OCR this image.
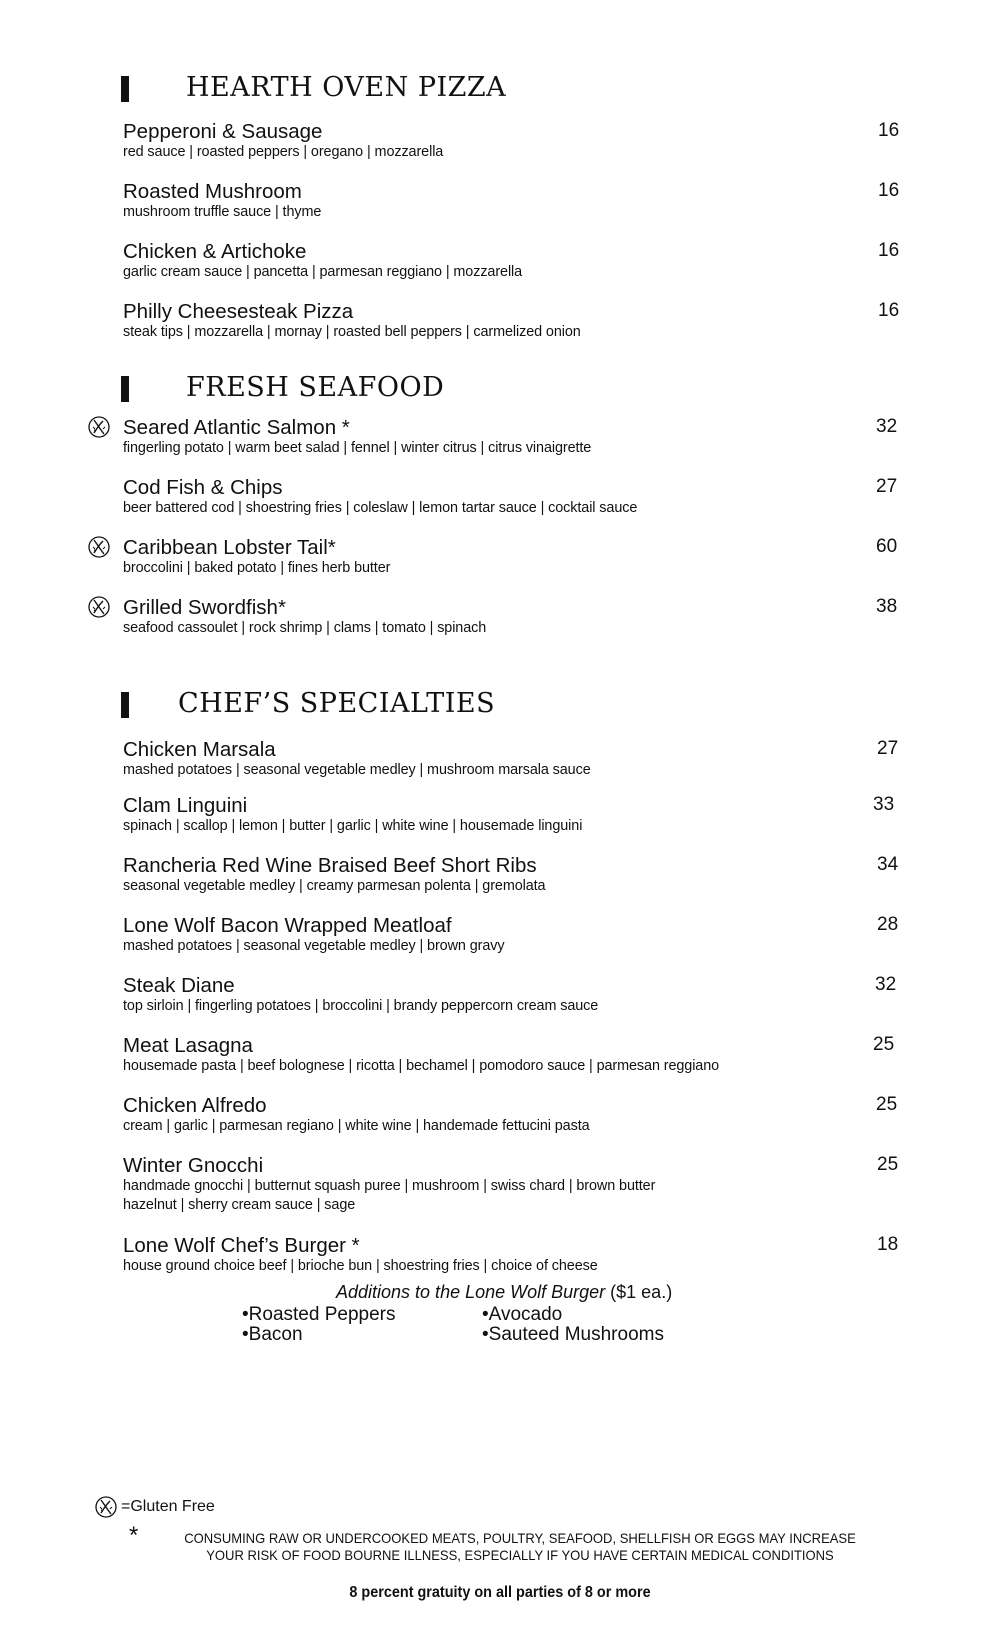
HEARTH OVEN PIZZA
Pepperoni & Sausage
red sauce | roasted peppers | oregano | mozzarella
16
Roasted Mushroom
mushroom truffle sauce | thyme
16
Chicken & Artichoke
garlic cream sauce | pancetta | parmesan reggiano | mozzarella
16
Philly Cheesesteak Pizza
steak tips | mozzarella | mornay | roasted bell peppers | carmelized onion
16
FRESH SEAFOOD
Seared Atlantic Salmon *
fingerling potato | warm beet salad | fennel | winter citrus | citrus vinaigrette
32
Cod Fish & Chips
beer battered cod | shoestring fries | coleslaw | lemon tartar sauce | cocktail sauce
27
Caribbean Lobster Tail*
broccolini | baked potato | fines herb butter
60
Grilled Swordfish*
seafood cassoulet | rock shrimp | clams | tomato | spinach
38
CHEF’S SPECIALTIES
Chicken Marsala
mashed potatoes | seasonal vegetable medley | mushroom marsala sauce
27
Clam Linguini
spinach | scallop | lemon | butter | garlic | white wine | housemade linguini
33
Rancheria Red Wine Braised Beef Short Ribs
seasonal vegetable medley | creamy parmesan polenta | gremolata
34
Lone Wolf Bacon Wrapped Meatloaf
mashed potatoes | seasonal vegetable medley | brown gravy
28
Steak Diane
top sirloin | fingerling potatoes | broccolini | brandy peppercorn cream sauce
32
Meat Lasagna
housemade pasta | beef bolognese | ricotta | bechamel | pomodoro sauce | parmesan reggiano
25
Chicken Alfredo
cream | garlic | parmesan regiano | white wine | handemade fettucini pasta
25
Winter Gnocchi
handmade gnocchi | butternut squash puree | mushroom | swiss chard | brown butter
hazelnut | sherry cream sauce | sage
25
Lone Wolf Chef’s Burger *
house ground choice beef | brioche bun | shoestring fries | choice of cheese
18
Additions to the Lone Wolf Burger ($1 ea.)
•Roasted Peppers	•Avocado
•Bacon	•Sauteed Mushrooms
=Gluten Free
*	CONSUMING RAW OR UNDERCOOKED MEATS, POULTRY, SEAFOOD, SHELLFISH OR EGGS MAY INCREASE YOUR RISK OF FOOD BOURNE ILLNESS, ESPECIALLY IF YOU HAVE CERTAIN MEDICAL CONDITIONS
8 percent gratuity on all parties of 8 or more
